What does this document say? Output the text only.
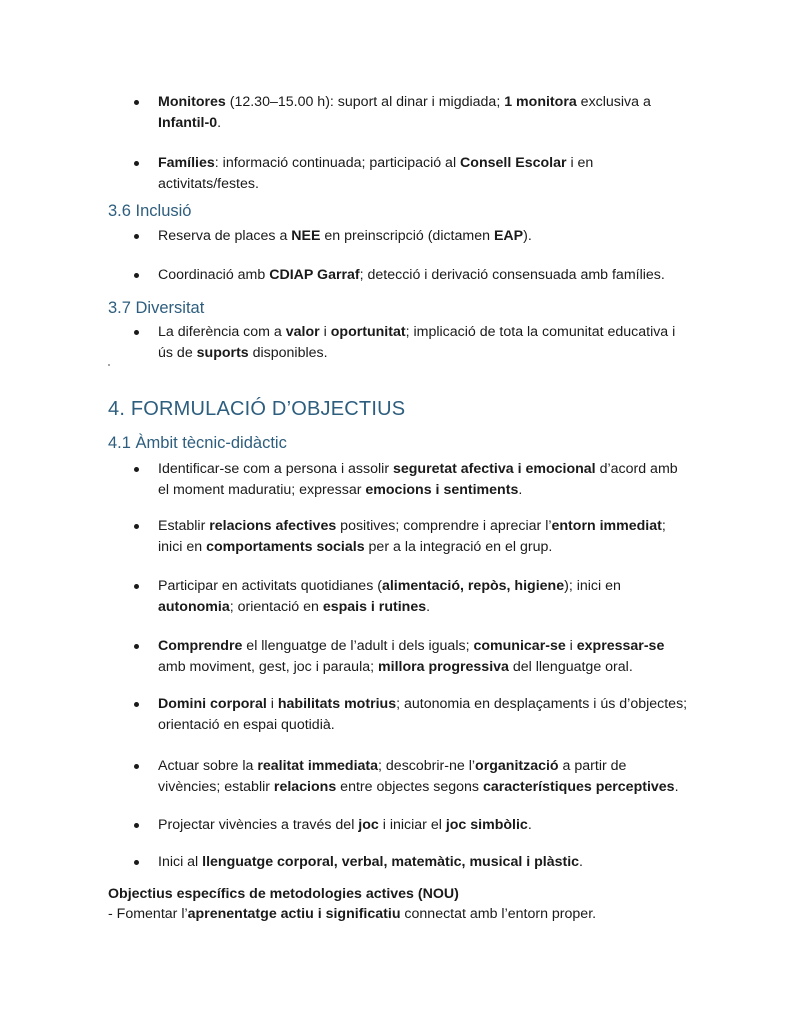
Monitores (12.30–15.00 h): suport al dinar i migdiada; 1 monitora exclusiva a Infantil-0.
Famílies: informació continuada; participació al Consell Escolar i en activitats/festes.
3.6 Inclusió
Reserva de places a NEE en preinscripció (dictamen EAP).
Coordinació amb CDIAP Garraf; detecció i derivació consensuada amb famílies.
3.7 Diversitat
La diferència com a valor i oportunitat; implicació de tota la comunitat educativa i ús de suports disponibles.
4. FORMULACIÓ D’OBJECTIUS
4.1 Àmbit tècnic-didàctic
Identificar-se com a persona i assolir seguretat afectiva i emocional d’acord amb el moment maduratiu; expressar emocions i sentiments.
Establir relacions afectives positives; comprendre i apreciar l’entorn immediat; inici en comportaments socials per a la integració en el grup.
Participar en activitats quotidianes (alimentació, repòs, higiene); inici en autonomia; orientació en espais i rutines.
Comprendre el llenguatge de l’adult i dels iguals; comunicar-se i expressar-se amb moviment, gest, joc i paraula; millora progressiva del llenguatge oral.
Domini corporal i habilitats motrius; autonomia en desplaçaments i ús d’objectes; orientació en espai quotidià.
Actuar sobre la realitat immediata; descobrir-ne l’organització a partir de vivències; establir relacions entre objectes segons característiques perceptives.
Projectar vivències a través del joc i iniciar el joc simbòlic.
Inici al llenguatge corporal, verbal, matemàtic, musical i plàstic.
Objectius específics de metodologies actives (NOU)
- Fomentar l’aprenentatge actiu i significatiu connectat amb l’entorn proper.
